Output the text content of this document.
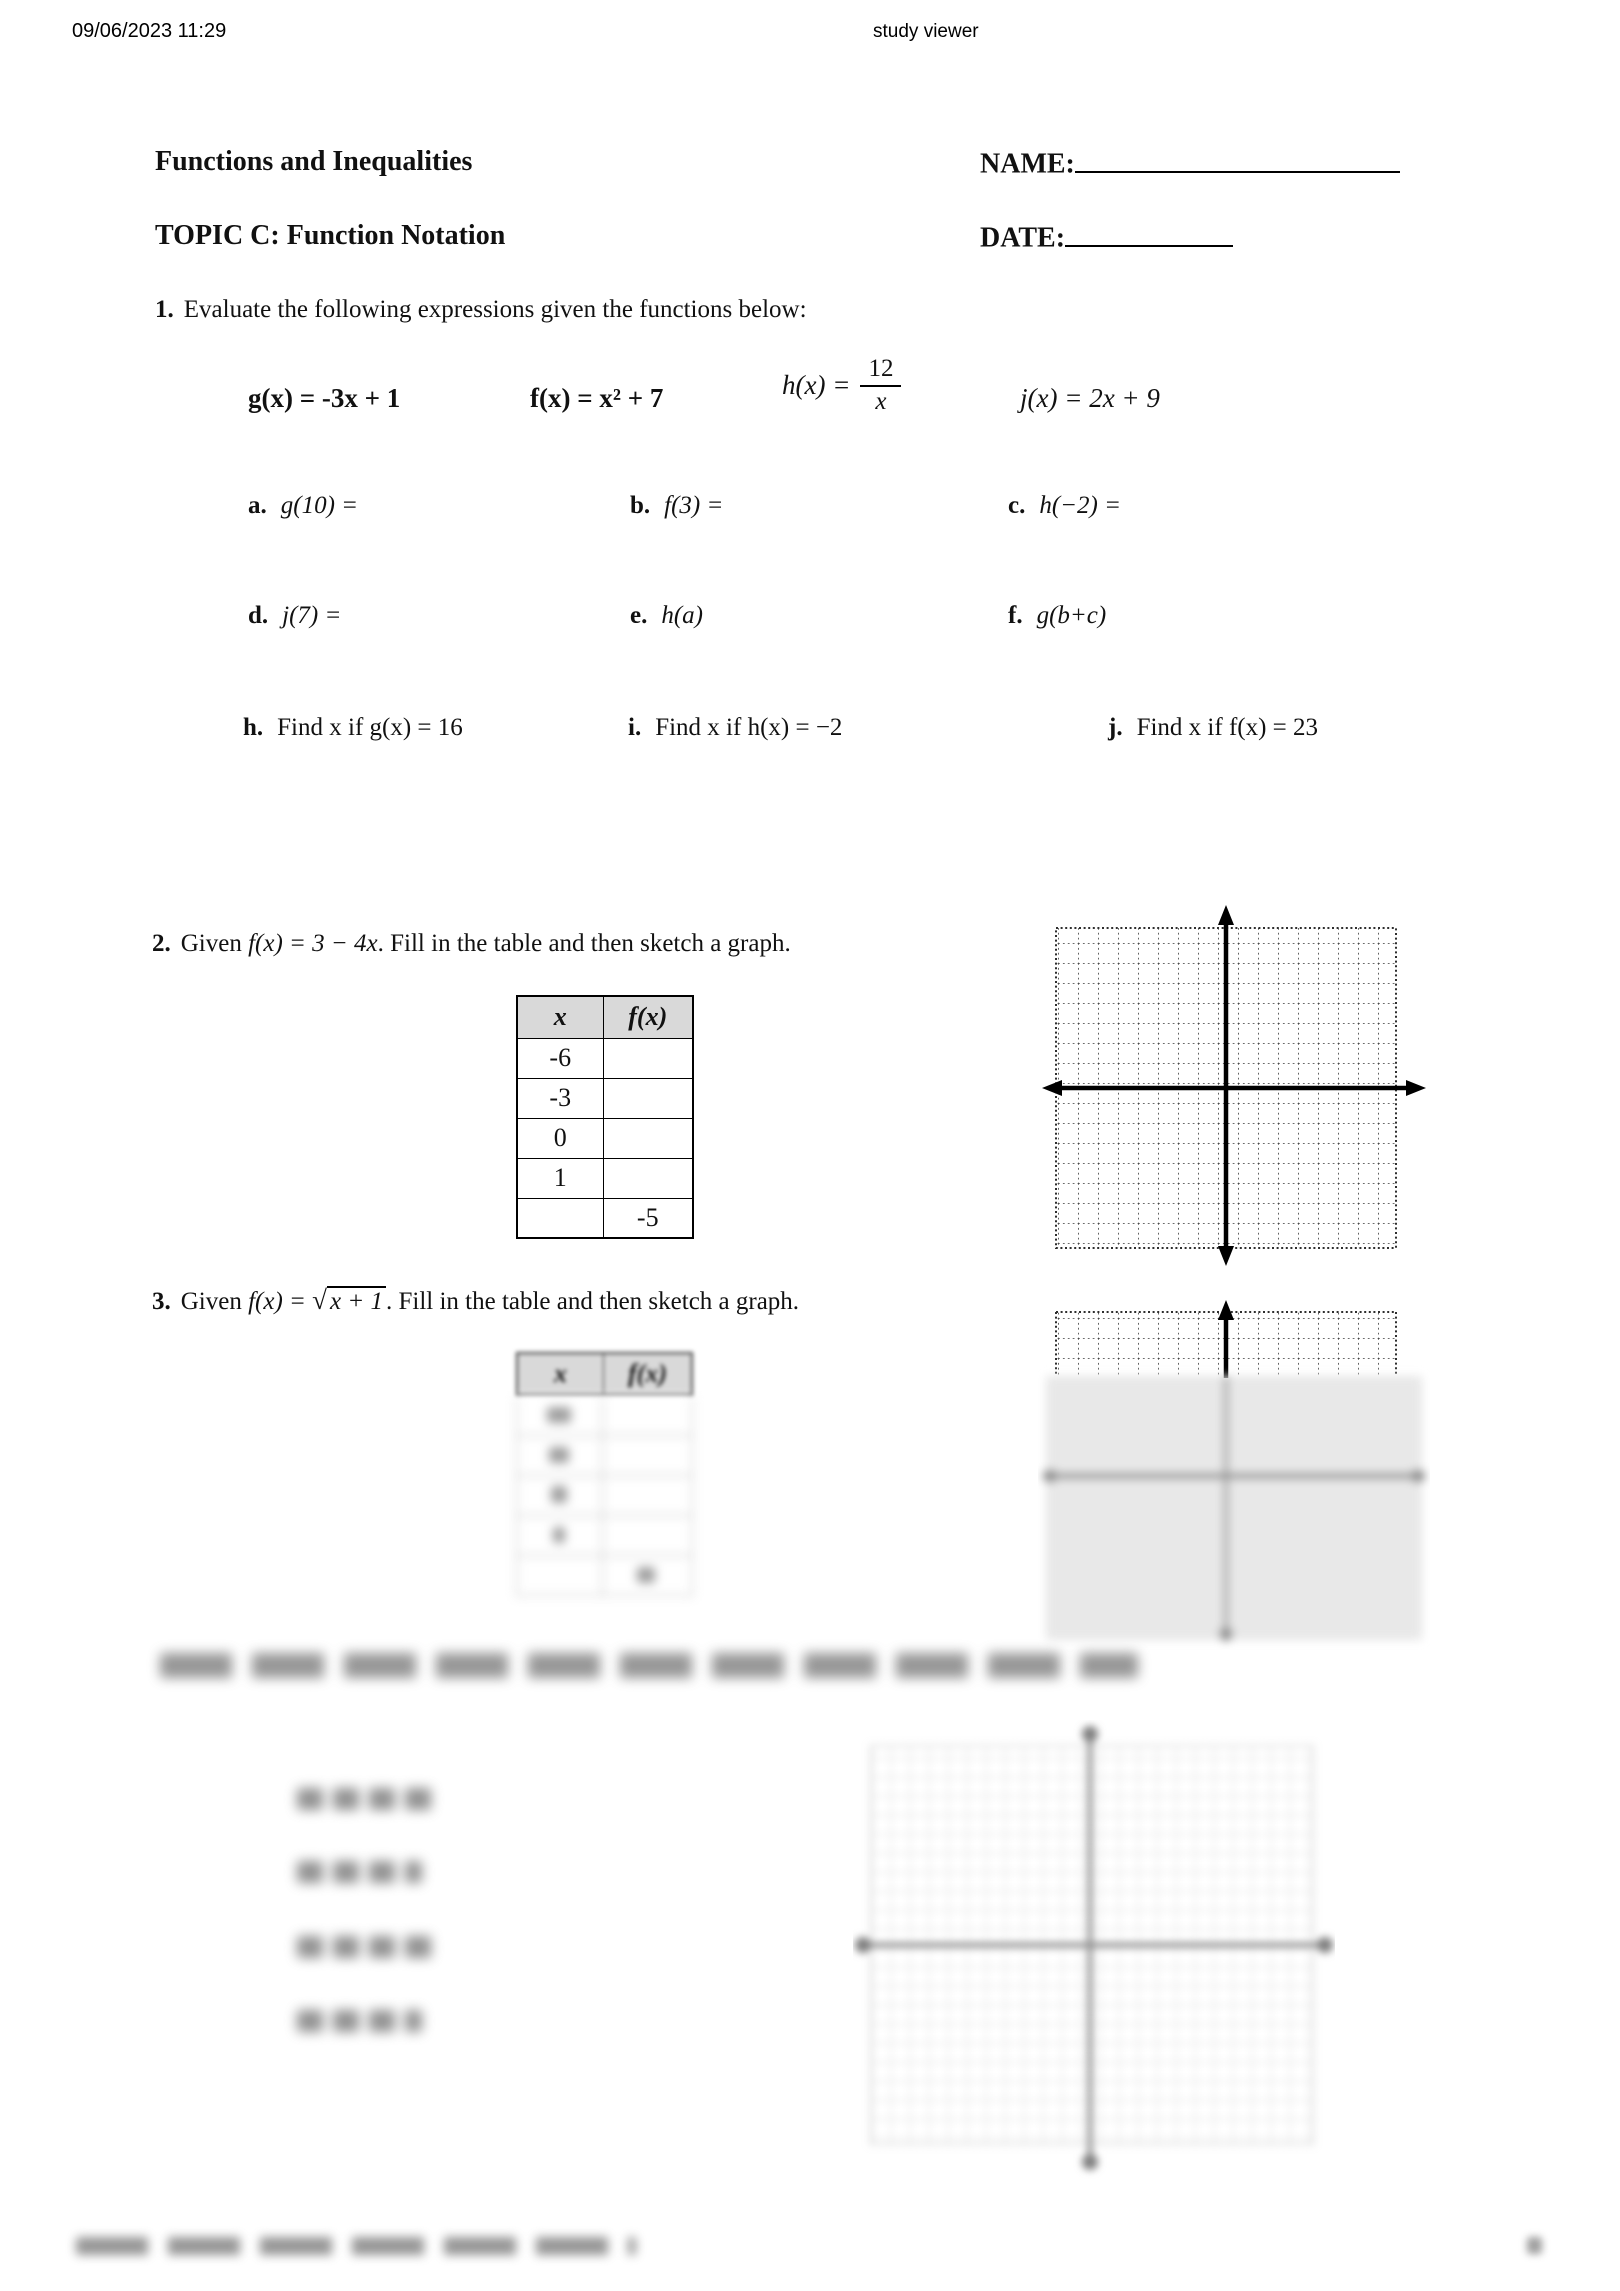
09/06/2023 11:29	study viewer
Functions and Inequalities	NAME:
TOPIC C: Function Notation	DATE:
1. Evaluate the following expressions given the functions below:
g(x) = -3x + 1	f(x) = x² + 7	$h(x) = \frac{12}{x}$	j(x) = 2x + 9
a. g(10) =	b. f(3) =	c. h(−2) =
d. j(7) =	e. h(a)	f. g(b+c)
h. Find x if g(x) = 16	i. Find x if h(x) = −2	j. Find x if f(x) = 23
2. Given f(x) = 3 − 4x. Fill in the table and then sketch a graph.
x	f(x)
-6	
-3	
0	
1	
	-5
3. Given f(x) = √ x + 1 . Fill in the table and then sketch a graph.
x	f(x)
